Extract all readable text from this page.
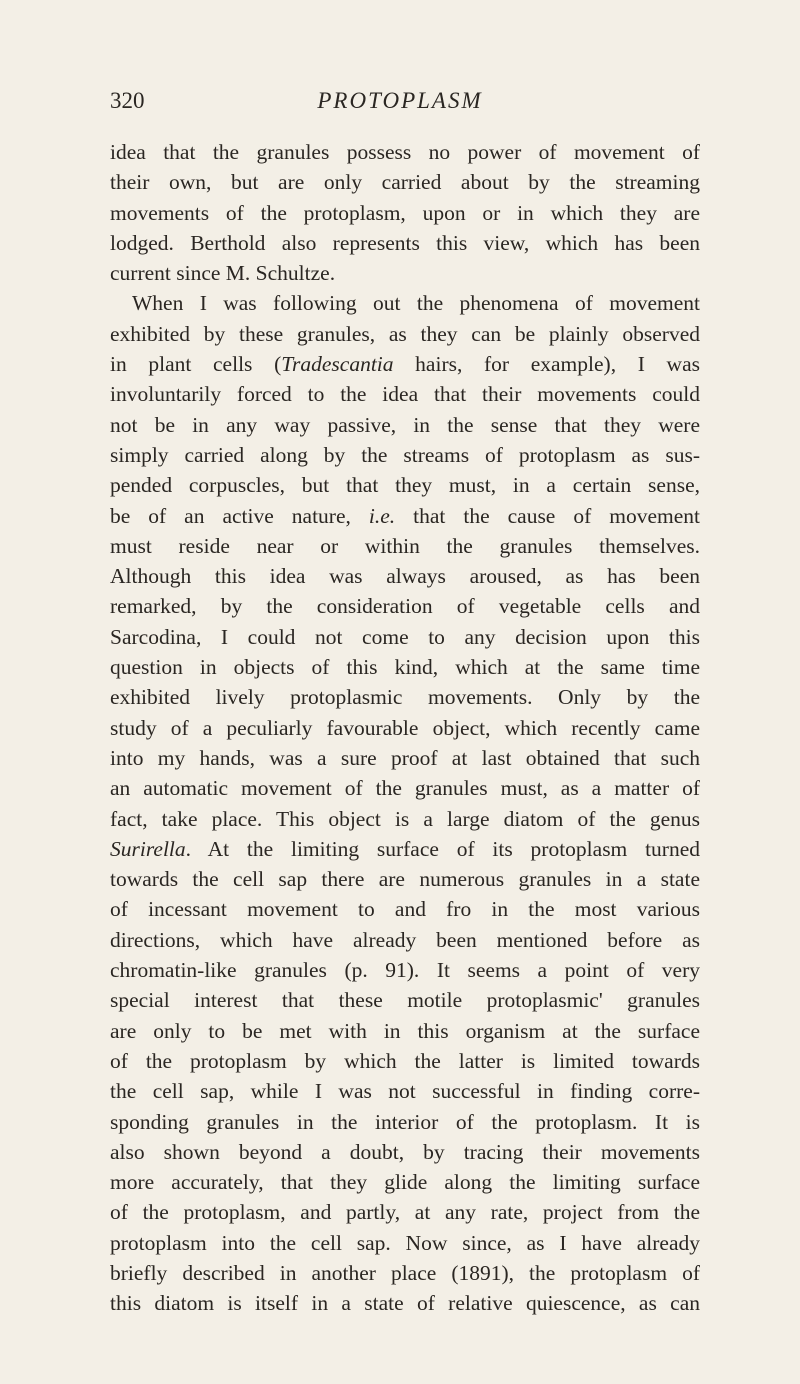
320	PROTOPLASM
idea that the granules possess no power of movement of
their own, but are only carried about by the streaming
movements of the protoplasm, upon or in which they are
lodged. Berthold also represents this view, which has been
current since M. Schultze.
When I was following out the phenomena of movement
exhibited by these granules, as they can be plainly observed
in plant cells (Tradescantia hairs, for example), I was
involuntarily forced to the idea that their movements could
not be in any way passive, in the sense that they were
simply carried along by the streams of protoplasm as sus-
pended corpuscles, but that they must, in a certain sense,
be of an active nature, i.e. that the cause of movement
must reside near or within the granules themselves.
Although this idea was always aroused, as has been
remarked, by the consideration of vegetable cells and
Sarcodina, I could not come to any decision upon this
question in objects of this kind, which at the same time
exhibited lively protoplasmic movements. Only by the
study of a peculiarly favourable object, which recently came
into my hands, was a sure proof at last obtained that such
an automatic movement of the granules must, as a matter of
fact, take place. This object is a large diatom of the genus
Surirella. At the limiting surface of its protoplasm turned
towards the cell sap there are numerous granules in a state
of incessant movement to and fro in the most various
directions, which have already been mentioned before as
chromatin-like granules (p. 91). It seems a point of very
special interest that these motile protoplasmic' granules
are only to be met with in this organism at the surface
of the protoplasm by which the latter is limited towards
the cell sap, while I was not successful in finding corre-
sponding granules in the interior of the protoplasm. It is
also shown beyond a doubt, by tracing their movements
more accurately, that they glide along the limiting surface
of the protoplasm, and partly, at any rate, project from the
protoplasm into the cell sap. Now since, as I have already
briefly described in another place (1891), the protoplasm of
this diatom is itself in a state of relative quiescence, as can
